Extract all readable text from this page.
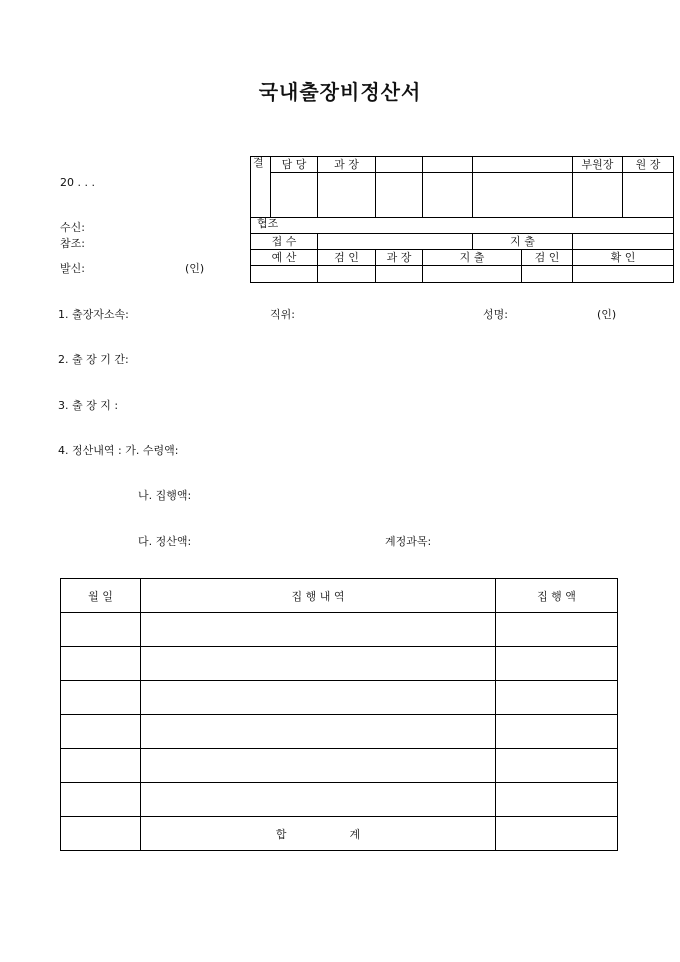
국내출장비정산서
20 . . .
수신:
참조:
발신:	(인)
결	담 당	과 장					부원장	원 장

협조								
접 수					지 출			
예 산		검 인	과 장	지 출		검 인	확 인	

1. 출장자소속:	직위:	성명:	(인)
2. 출 장 기 간:
3. 출 장 지 :
4. 정산내역 : 가. 수령액:
나. 집행액:
다. 정산액:	계정과목:
월 일	집 행 내 역	집 행 액

	합                  계	
